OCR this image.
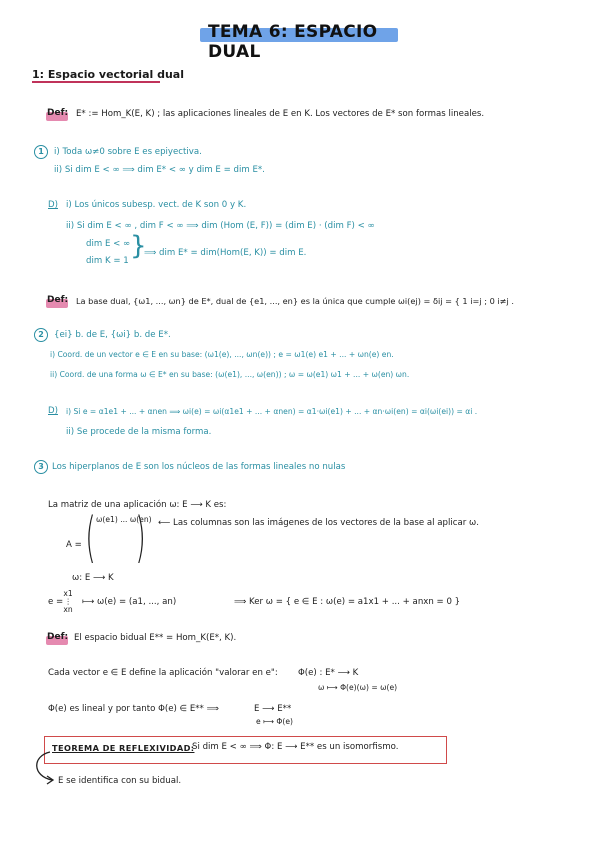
TEMA 6: ESPACIO DUAL
1: Espacio vectorial dual
Def: E* := Hom_K(E, K) ; las aplicaciones lineales de E en K. Los vectores de E* son formas lineales.
1	i) Toda ω≠0 sobre E es epiyectiva.
ii) Si dim E < ∞ ⟹ dim E* < ∞ y dim E = dim E*.
D) i) Los únicos subesp. vect. de K son 0 y K.
ii) Si dim E < ∞ , dim F < ∞ ⟹ dim (Hom (E, F)) = (dim E) · (dim F) < ∞
dim E < ∞
dim K = 1 }
⟹ dim E* = dim(Hom(E, K)) = dim E.
Def: La base dual, {ω1, ..., ωn} de E*, dual de {e1, ..., en} es la única que cumple ωi(ej) = δij = { 1 i=j ; 0 i≠j .
2	{ei} b. de E, {ωi} b. de E*.
i) Coord. de un vector e ∈ E en su base: (ω1(e), ..., ωn(e)) ; e = ω1(e) e1 + ... + ωn(e) en.
ii) Coord. de una forma ω ∈ E* en su base: (ω(e1), ..., ω(en)) ; ω = ω(e1) ω1 + ... + ω(en) ωn.
D) i) Si e = α1e1 + ... + αnen ⟹ ωi(e) = ωi(α1e1 + ... + αnen) = α1·ωi(e1) + ... + αn·ωi(en) = αi(ωi(ei)) = αi .
ii) Se procede de la misma forma.
3 Los hiperplanos de E son los núcleos de las formas lineales no nulas
La matriz de una aplicación ω: E ⟶ K es:
ω(e1) ... ω(en) ⟵ Las columnas son las imágenes de los vectores de la base al aplicar ω.
A = ( )
ω: E ⟶ K
e =
x1 ⋮ xn
⟼ ω(e) = (a1, ..., an)	⟹ Ker ω = { e ∈ E : ω(e) = a1x1 + ... + anxn = 0 }
Def: El espacio bidual E** = Hom_K(E*, K).
Cada vector e ∈ E define la aplicación "valorar en e": Φ(e) : E* ⟶ K
ω ⟼ Φ(e)(ω) = ω(e)
Φ(e) es lineal y por tanto Φ(e) ∈ E** ⟹	E ⟶ E**
e ⟼ Φ(e)
TEOREMA DE REFLEXIVIDAD:
Si dim E < ∞ ⟹ Φ: E ⟶ E** es un isomorfismo.
E se identifica con su bidual.
